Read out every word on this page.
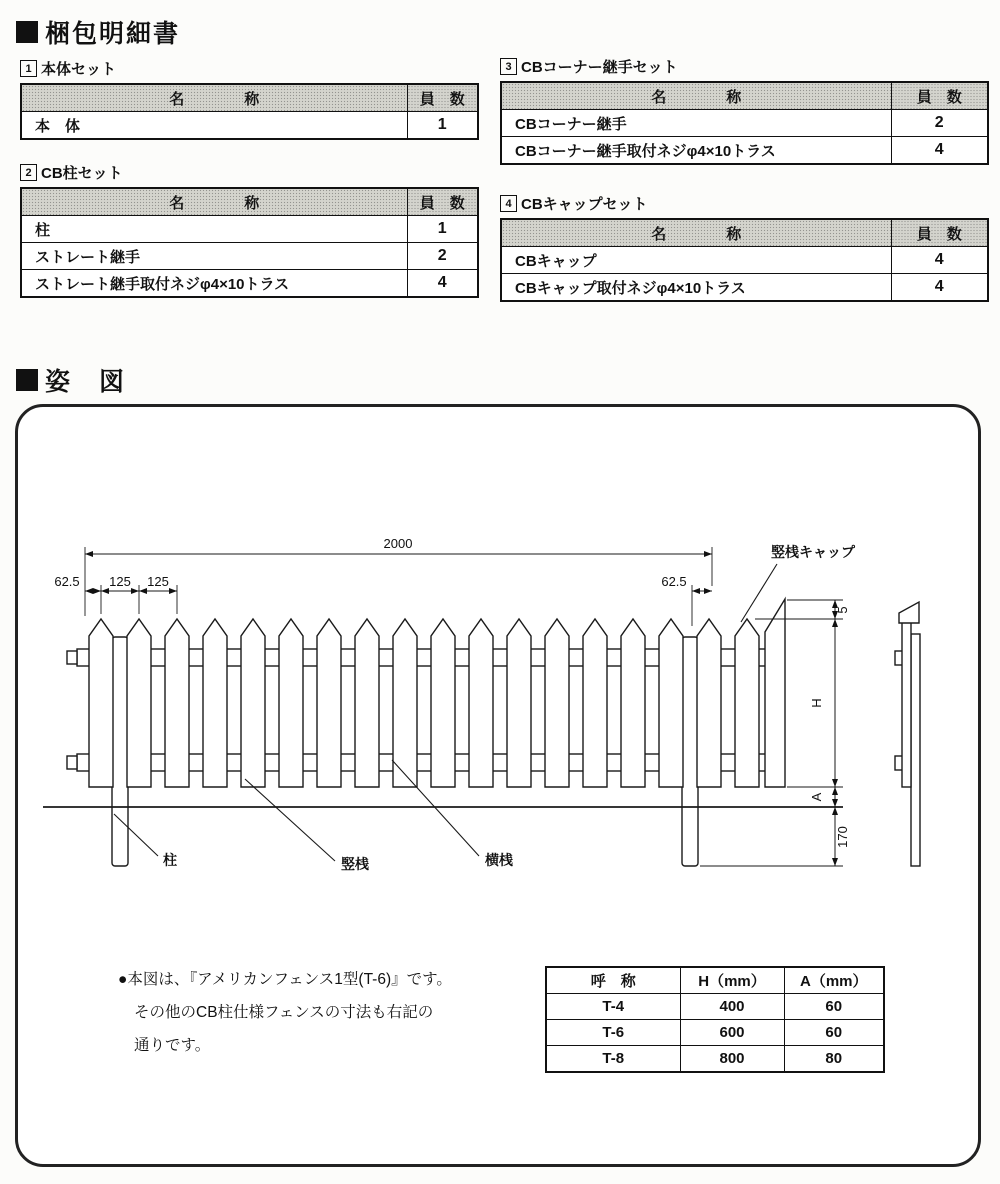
梱包明細書
1 本体セット
名　　　　称	員　数
本　体	1
2 CB柱セット
名　　　　称	員　数
柱	1
ストレート継手	2
ストレート継手取付ネジφ4×10トラス	4
3 CBコーナー継手セット
名　　　　称	員　数
CBコーナー継手	2
CBコーナー継手取付ネジφ4×10トラス	4
4 CBキャップセット
名　　　　称	員　数
CBキャップ	4
CBキャップ取付ネジφ4×10トラス	4
姿　図
2000
62.5 125 125	62.5
5
H
A
170
竪桟キャップ
柱	竪桟	横桟
●本図は、『アメリカンフェンス1型(T-6)』です。
その他のCB柱仕様フェンスの寸法も右記の
通りです。
呼　称	H（mm）	A（mm）
T-4	400	60
T-6	600	60
T-8	800	80
